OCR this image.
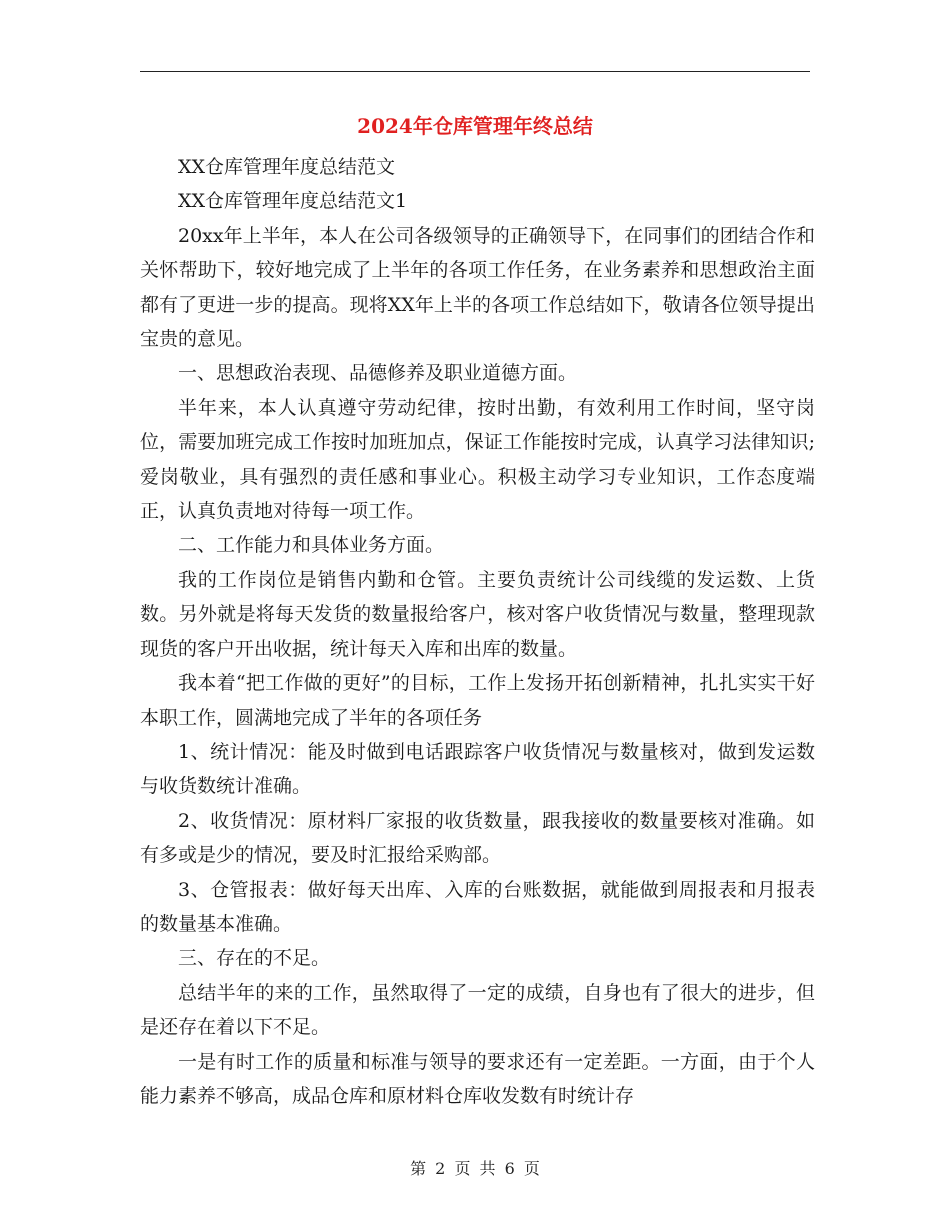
2024年仓库管理年终总结

XX仓库管理年度总结范文

XX仓库管理年度总结范文1

20xx年上半年，本人在公司各级领导的正确领导下，在同事们的团结合作和关怀帮助下，较好地完成了上半年的各项工作任务，在业务素养和思想政治主面都有了更进一步的提高。现将XX年上半的各项工作总结如下，敬请各位领导提出宝贵的意见。

一、思想政治表现、品德修养及职业道德方面。

半年来，本人认真遵守劳动纪律，按时出勤，有效利用工作时间，坚守岗位，需要加班完成工作按时加班加点，保证工作能按时完成，认真学习法律知识;爱岗敬业，具有强烈的责任感和事业心。积极主动学习专业知识，工作态度端正，认真负责地对待每一项工作。

二、工作能力和具体业务方面。

我的工作岗位是销售内勤和仓管。主要负责统计公司线缆的发运数、上货数。另外就是将每天发货的数量报给客户，核对客户收货情况与数量，整理现款现货的客户开出收据，统计每天入库和出库的数量。

我本着“把工作做的更好”的目标，工作上发扬开拓创新精神，扎扎实实干好本职工作，圆满地完成了半年的各项任务

1、统计情况：能及时做到电话跟踪客户收货情况与数量核对，做到发运数与收货数统计准确。

2、收货情况：原材料厂家报的收货数量，跟我接收的数量要核对准确。如有多或是少的情况，要及时汇报给采购部。

3、仓管报表：做好每天出库、入库的台账数据，就能做到周报表和月报表的数量基本准确。

三、存在的不足。

总结半年的来的工作，虽然取得了一定的成绩，自身也有了很大的进步，但是还存在着以下不足。

一是有时工作的质量和标准与领导的要求还有一定差距。一方面，由于个人能力素养不够高，成品仓库和原材料仓库收发数有时统计存

第 2 页 共 6 页
